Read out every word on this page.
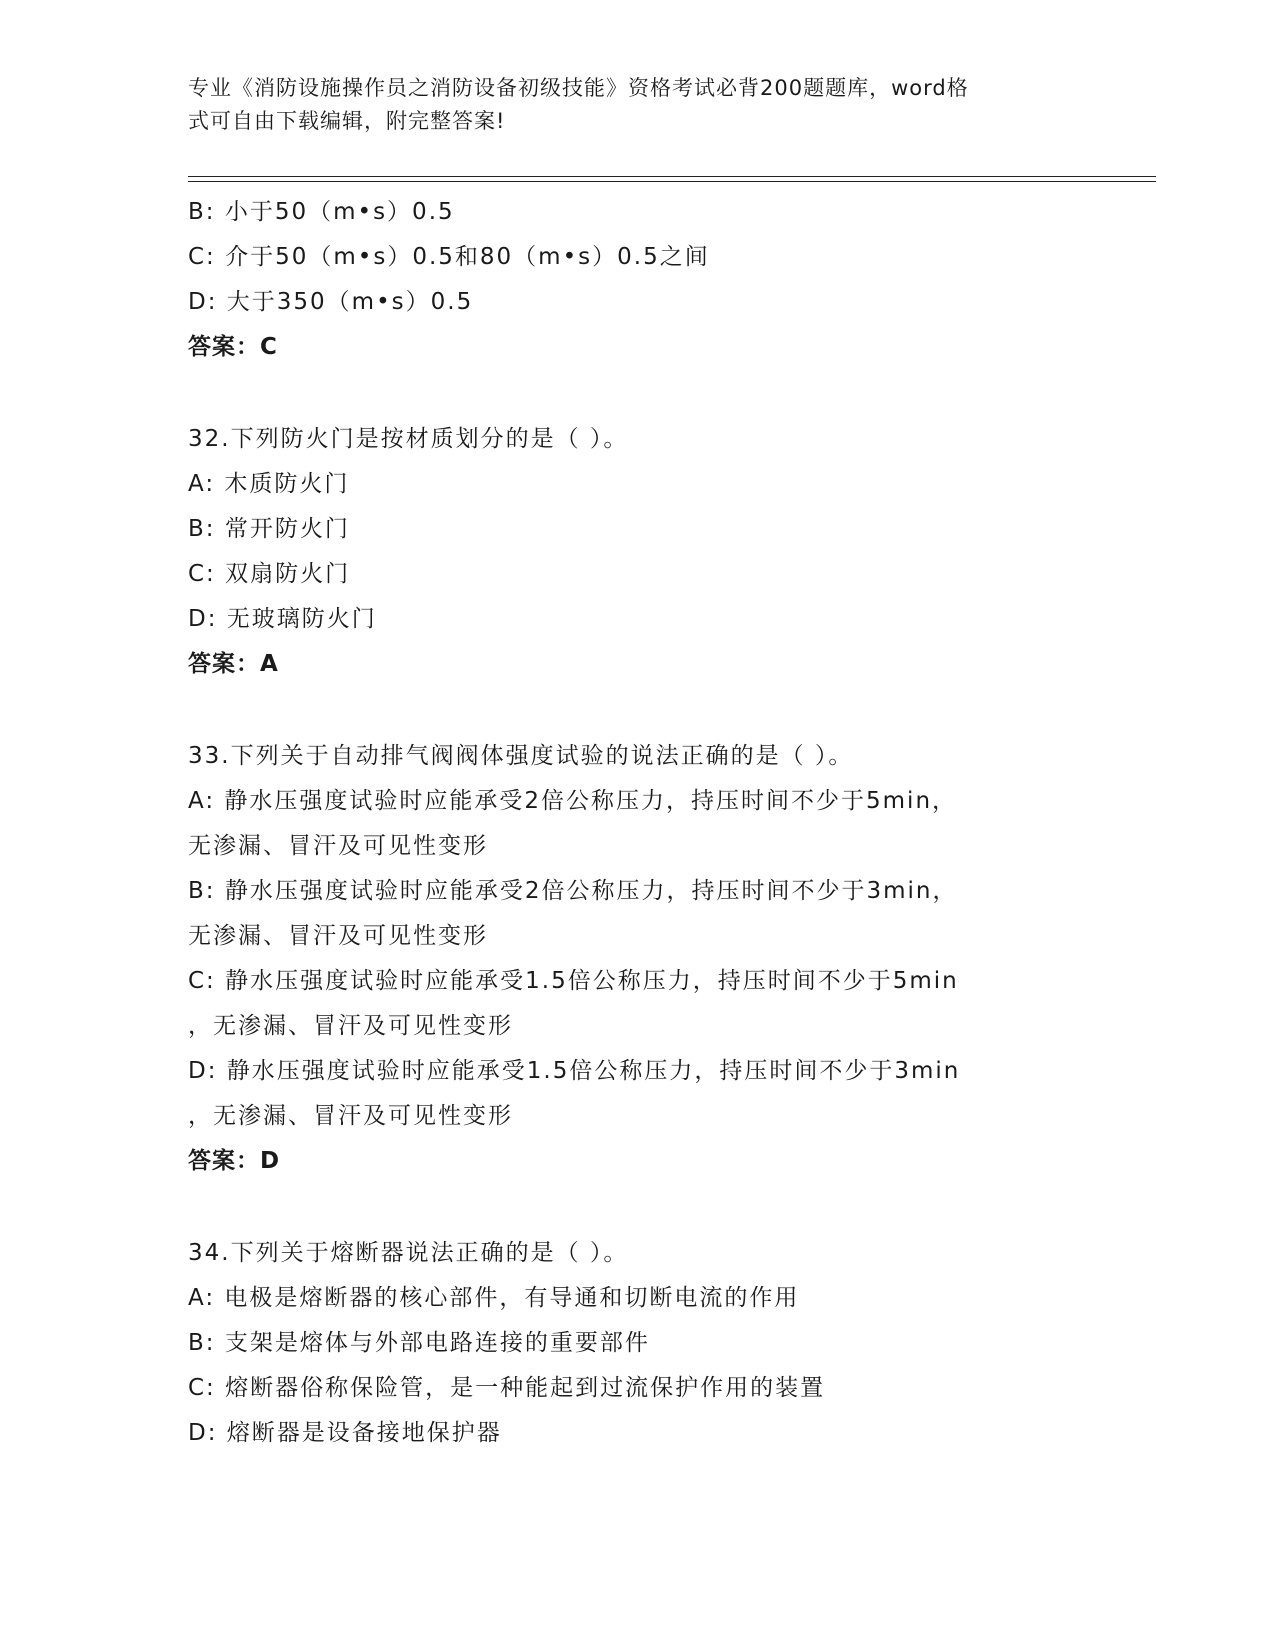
专业《消防设施操作员之消防设备初级技能》资格考试必背200题题库，word格

式可自由下载编辑，附完整答案!

B: 小于50（m•s）0.5
C: 介于50（m•s）0.5和80（m•s）0.5之间
D: 大于350（m•s）0.5
答案：C
32.下列防火门是按材质划分的是（ ）。
A: 木质防火门
B: 常开防火门
C: 双扇防火门
D: 无玻璃防火门
答案：A
33.下列关于自动排气阀阀体强度试验的说法正确的是（ ）。
A: 静水压强度试验时应能承受2倍公称压力，持压时间不少于5min，
无渗漏、冒汗及可见性变形
B: 静水压强度试验时应能承受2倍公称压力，持压时间不少于3min，
无渗漏、冒汗及可见性变形
C: 静水压强度试验时应能承受1.5倍公称压力，持压时间不少于5min
，无渗漏、冒汗及可见性变形
D: 静水压强度试验时应能承受1.5倍公称压力，持压时间不少于3min
，无渗漏、冒汗及可见性变形
答案：D
34.下列关于熔断器说法正确的是（ ）。
A: 电极是熔断器的核心部件，有导通和切断电流的作用
B: 支架是熔体与外部电路连接的重要部件
C: 熔断器俗称保险管，是一种能起到过流保护作用的装置
D: 熔断器是设备接地保护器
